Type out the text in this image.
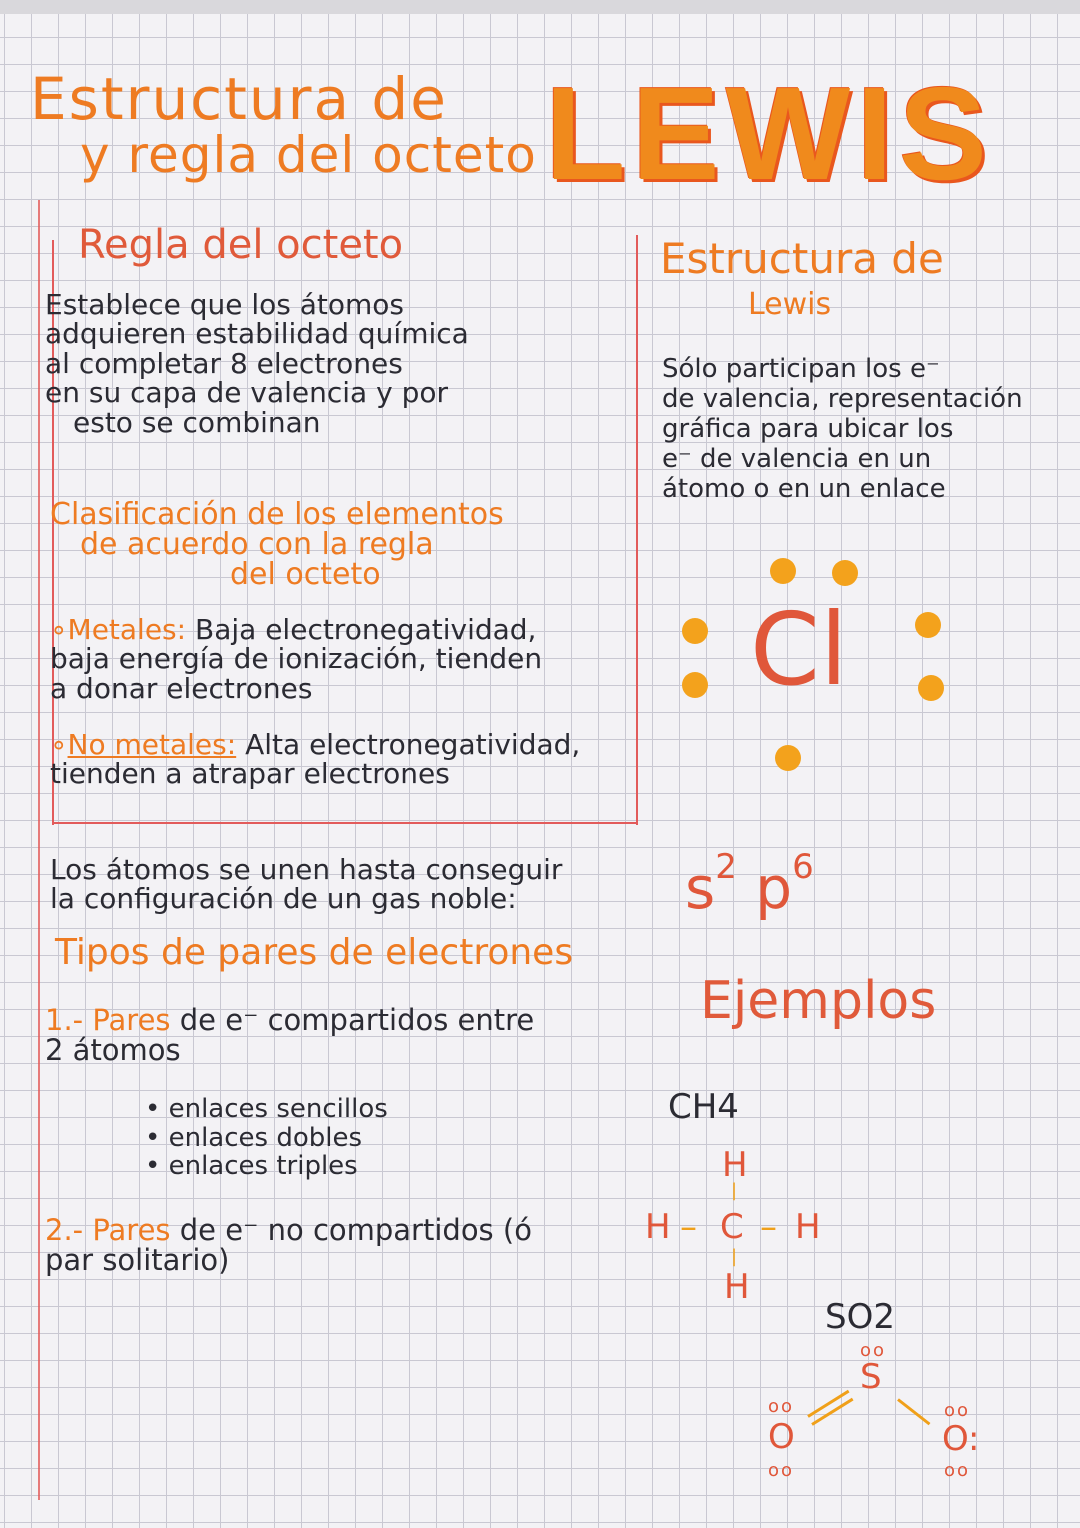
Estructura de
y regla del octeto LEWIS
Regla del octeto
Establece que los átomos
adquieren estabilidad química
al completar 8 electrones
en su capa de valencia y por
esto se combinan
Clasificación de los elementos
de acuerdo con la regla
del octeto
∘Metales: Baja electronegatividad,
baja energía de ionización, tienden
a donar electrones
∘No metales: Alta electronegatividad,
tienden a atrapar electrones
Los átomos se unen hasta conseguir
la configuración de un gas noble:
Tipos de pares de electrones
1.- Pares de e⁻ compartidos entre
2 átomos
• enlaces sencillos
• enlaces dobles
• enlaces triples
2.- Pares de e⁻ no compartidos (ó
par solitario)
Estructura de
Lewis
Sólo participan los e⁻
de valencia, representación
gráfica para ubicar los
e⁻ de valencia en un
átomo o en un enlace
Cl
$s^2$ $p^6$
Ejemplos
CH4
H
|
H – C – H
|
H
SO2
oo
S
oo
O
oo
oo
O :
oo
